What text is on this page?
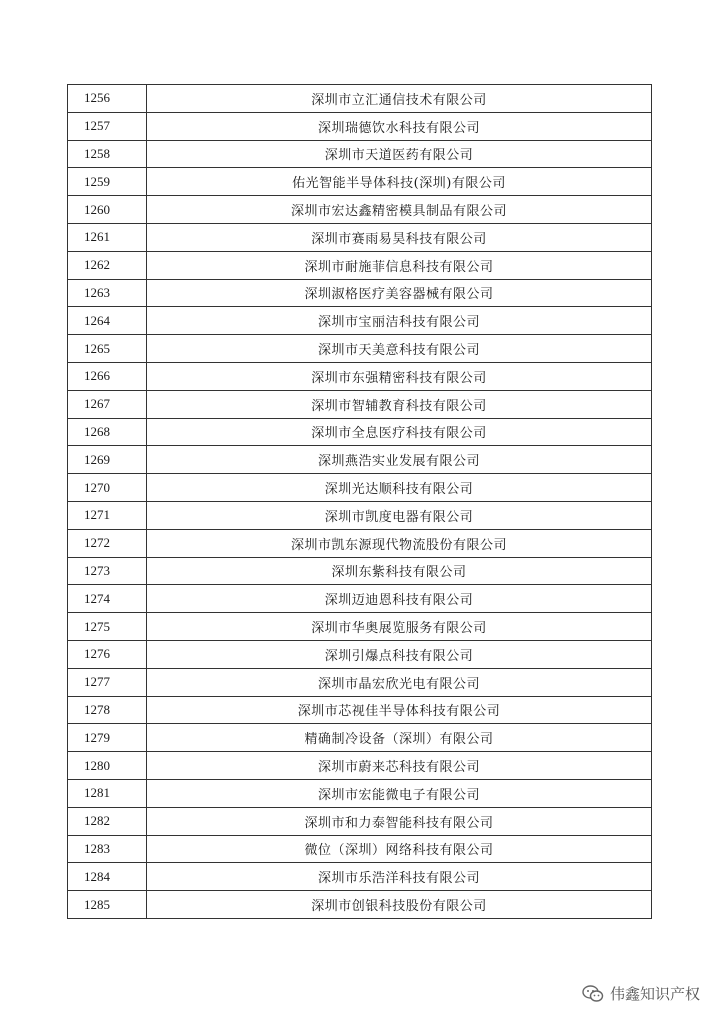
1256	深圳市立汇通信技术有限公司
1257	深圳瑞德饮水科技有限公司
1258	深圳市天道医药有限公司
1259	佑光智能半导体科技(深圳)有限公司
1260	深圳市宏达鑫精密模具制品有限公司
1261	深圳市赛雨易昊科技有限公司
1262	深圳市耐施菲信息科技有限公司
1263	深圳淑格医疗美容器械有限公司
1264	深圳市宝丽洁科技有限公司
1265	深圳市天美意科技有限公司
1266	深圳市东强精密科技有限公司
1267	深圳市智辅教育科技有限公司
1268	深圳市全息医疗科技有限公司
1269	深圳燕浩实业发展有限公司
1270	深圳光达顺科技有限公司
1271	深圳市凯度电器有限公司
1272	深圳市凯东源现代物流股份有限公司
1273	深圳东紫科技有限公司
1274	深圳迈迪恩科技有限公司
1275	深圳市华奥展览服务有限公司
1276	深圳引爆点科技有限公司
1277	深圳市晶宏欣光电有限公司
1278	深圳市芯视佳半导体科技有限公司
1279	精确制冷设备（深圳）有限公司
1280	深圳市蔚来芯科技有限公司
1281	深圳市宏能微电子有限公司
1282	深圳市和力泰智能科技有限公司
1283	微位（深圳）网络科技有限公司
1284	深圳市乐浩洋科技有限公司
1285	深圳市创银科技股份有限公司
伟鑫知识产权
